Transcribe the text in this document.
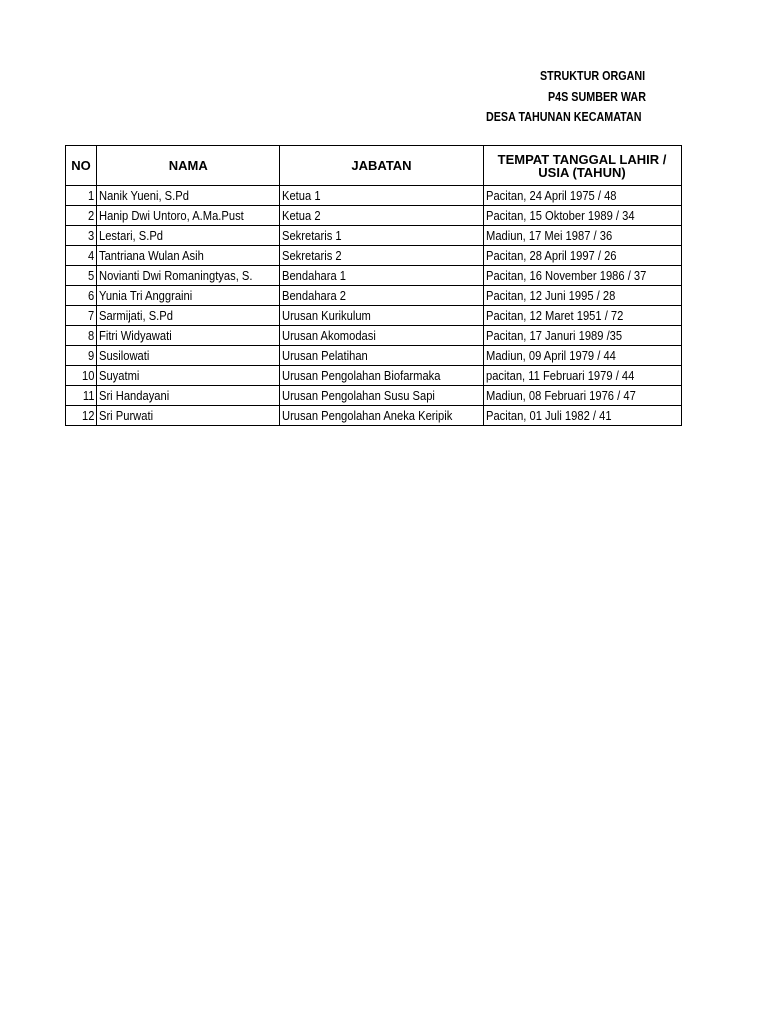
STRUKTUR ORGANI
P4S SUMBER WAR
DESA TAHUNAN KECAMATAN
NO	NAMA	JABATAN	TEMPAT TANGGAL LAHIR / USIA (TAHUN)
1	Nanik Yueni, S.Pd	Ketua 1	Pacitan, 24 April 1975 / 48
2	Hanip Dwi Untoro, A.Ma.Pust	Ketua 2	Pacitan, 15 Oktober 1989 / 34
3	Lestari, S.Pd	Sekretaris 1	Madiun, 17 Mei 1987 / 36
4	Tantriana Wulan Asih	Sekretaris 2	Pacitan, 28 April 1997 / 26
5	Novianti Dwi Romaningtyas, S.	Bendahara 1	Pacitan, 16 November 1986 / 37
6	Yunia Tri Anggraini	Bendahara 2	Pacitan, 12 Juni 1995 / 28
7	Sarmijati, S.Pd	Urusan Kurikulum	Pacitan, 12 Maret 1951 / 72
8	Fitri Widyawati	Urusan Akomodasi	Pacitan, 17 Januri 1989 /35
9	Susilowati	Urusan Pelatihan	Madiun, 09 April 1979 / 44
10	Suyatmi	Urusan Pengolahan Biofarmaka	pacitan, 11 Februari 1979 / 44
11	Sri Handayani	Urusan Pengolahan Susu Sapi	Madiun, 08 Februari 1976 / 47
12	Sri Purwati	Urusan Pengolahan Aneka Keripik	Pacitan, 01 Juli 1982 / 41
